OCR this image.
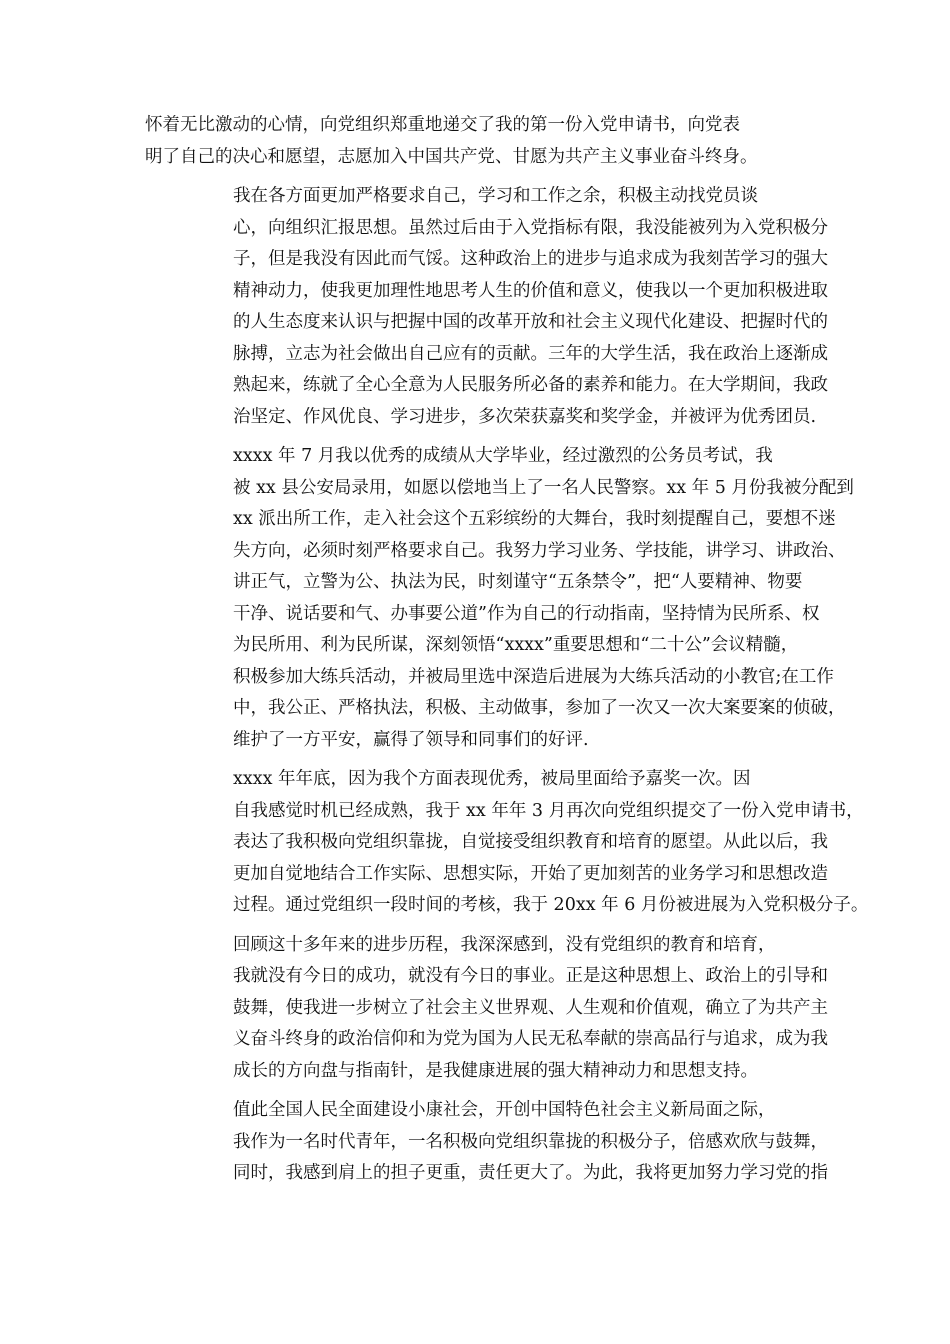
怀着无比激动的心情，向党组织郑重地递交了我的第一份入党申请书，向党表
明了自己的决心和愿望，志愿加入中国共产党、甘愿为共产主义事业奋斗终身。

我在各方面更加严格要求自己，学习和工作之余，积极主动找党员谈
心，向组织汇报思想。虽然过后由于入党指标有限，我没能被列为入党积极分
子，但是我没有因此而气馁。这种政治上的进步与追求成为我刻苦学习的强大
精神动力，使我更加理性地思考人生的价值和意义，使我以一个更加积极进取
的人生态度来认识与把握中国的改革开放和社会主义现代化建设、把握时代的
脉搏，立志为社会做出自己应有的贡献。三年的大学生活，我在政治上逐渐成
熟起来，练就了全心全意为人民服务所必备的素养和能力。在大学期间，我政
治坚定、作风优良、学习进步，多次荣获嘉奖和奖学金，并被评为优秀团员.

xxxx 年 7 月我以优秀的成绩从大学毕业，经过激烈的公务员考试，我
被 xx 县公安局录用，如愿以偿地当上了一名人民警察。xx 年 5 月份我被分配到
xx 派出所工作，走入社会这个五彩缤纷的大舞台，我时刻提醒自己，要想不迷
失方向，必须时刻严格要求自己。我努力学习业务、学技能，讲学习、讲政治、
讲正气，立警为公、执法为民，时刻谨守“五条禁令”，把“人要精神、物要
干净、说话要和气、办事要公道”作为自己的行动指南，坚持情为民所系、权
为民所用、利为民所谋，深刻领悟“xxxx”重要思想和“二十公”会议精髓，
积极参加大练兵活动，并被局里选中深造后进展为大练兵活动的小教官;在工作
中，我公正、严格执法，积极、主动做事，参加了一次又一次大案要案的侦破，
维护了一方平安，赢得了领导和同事们的好评.

xxxx 年年底，因为我个方面表现优秀，被局里面给予嘉奖一次。因
自我感觉时机已经成熟，我于 xx 年年 3 月再次向党组织提交了一份入党申请书，
表达了我积极向党组织靠拢，自觉接受组织教育和培育的愿望。从此以后，我
更加自觉地结合工作实际、思想实际，开始了更加刻苦的业务学习和思想改造
过程。通过党组织一段时间的考核，我于 20xx 年 6 月份被进展为入党积极分子。

回顾这十多年来的进步历程，我深深感到，没有党组织的教育和培育，
我就没有今日的成功，就没有今日的事业。正是这种思想上、政治上的引导和
鼓舞，使我进一步树立了社会主义世界观、人生观和价值观，确立了为共产主
义奋斗终身的政治信仰和为党为国为人民无私奉献的崇高品行与追求，成为我
成长的方向盘与指南针，是我健康进展的强大精神动力和思想支持。

值此全国人民全面建设小康社会，开创中国特色社会主义新局面之际，
我作为一名时代青年，一名积极向党组织靠拢的积极分子，倍感欢欣与鼓舞，
同时，我感到肩上的担子更重，责任更大了。为此，我将更加努力学习党的指
